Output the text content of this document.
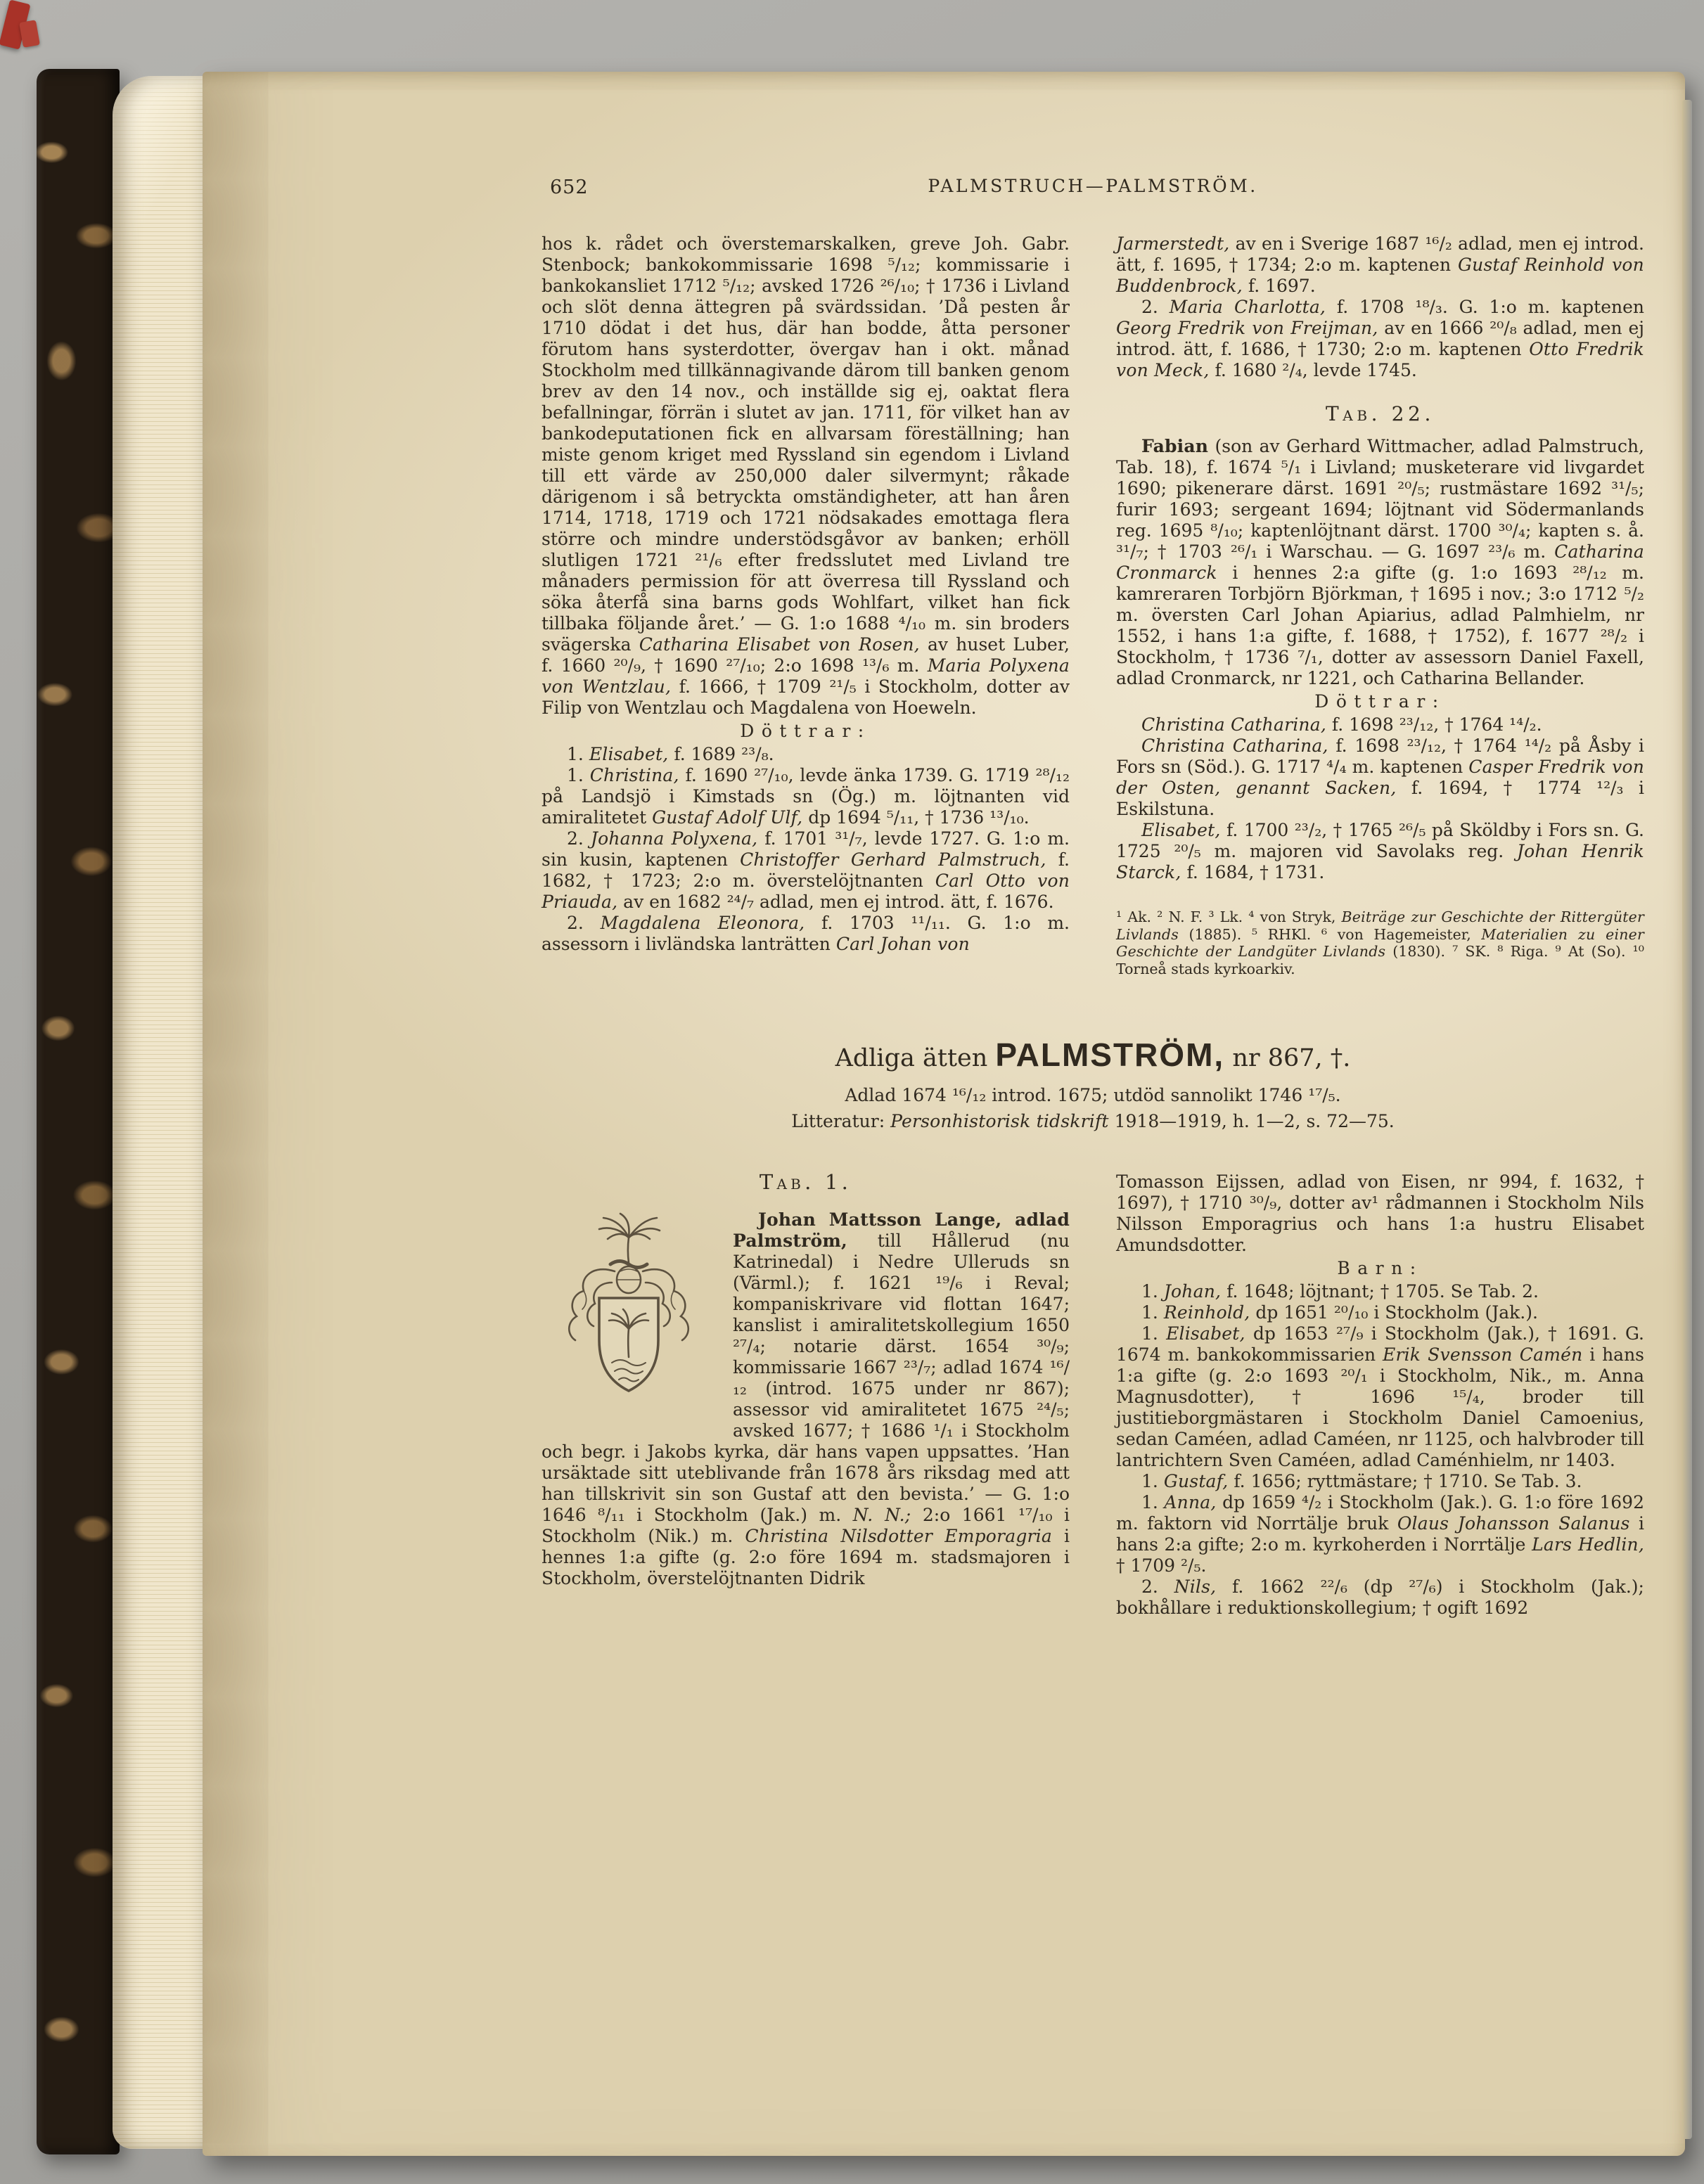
652	PALMSTRUCH—PALMSTRÖM.

hos k. rådet och överstemarskalken, greve Joh. Gabr. Stenbock; bankokommissarie 1698 ⁵/₁₂; kommissarie i bankokansliet 1712 ⁵/₁₂; avsked 1726 ²⁶/₁₀; † 1736 i Livland och slöt denna ättegren på svärdssidan. ’Då pesten år 1710 dödat i det hus, där han bodde, åtta personer förutom hans systerdotter, övergav han i okt. månad Stockholm med tillkännagivande därom till banken genom brev av den 14 nov., och inställde sig ej, oaktat flera befallningar, förrän i slutet av jan. 1711, för vilket han av bankodeputationen fick en allvarsam föreställning; han miste genom kriget med Ryssland sin egendom i Livland till ett värde av 250,000 daler silvermynt; råkade därigenom i så betryckta omständigheter, att han åren 1714, 1718, 1719 och 1721 nödsakades emottaga flera större och mindre understödsgåvor av banken; erhöll slutligen 1721 ²¹/₆ efter fredsslutet med Livland tre månaders permission för att överresa till Ryssland och söka återfå sina barns gods Wohlfart, vilket han fick tillbaka följande året.’ — G. 1:o 1688 ⁴/₁₀ m. sin broders svägerska Catharina Elisabet von Rosen, av huset Luber, f. 1660 ²⁰/₉, † 1690 ²⁷/₁₀; 2:o 1698 ¹³/₆ m. Maria Polyxena von Wentzlau, f. 1666, † 1709 ²¹/₅ i Stockholm, dotter av Filip von Wentzlau och Magdalena von Hoeweln.

Döttrar:

1. Elisabet, f. 1689 ²³/₈.

1. Christina, f. 1690 ²⁷/₁₀, levde änka 1739. G. 1719 ²⁸/₁₂ på Landsjö i Kimstads sn (Ög.) m. löjtnanten vid amiralitetet Gustaf Adolf Ulf, dp 1694 ⁵/₁₁, † 1736 ¹³/₁₀.

2. Johanna Polyxena, f. 1701 ³¹/₇, levde 1727. G. 1:o m. sin kusin, kaptenen Christoffer Gerhard Palmstruch, f. 1682, † 1723; 2:o m. överstelöjtnanten Carl Otto von Priauda, av en 1682 ²⁴/₇ adlad, men ej introd. ätt, f. 1676.

2. Magdalena Eleonora, f. 1703 ¹¹/₁₁. G. 1:o m. assessorn i livländska lanträtten Carl Johan von

Jarmerstedt, av en i Sverige 1687 ¹⁶/₂ adlad, men ej introd. ätt, f. 1695, † 1734; 2:o m. kaptenen Gustaf Reinhold von Buddenbrock, f. 1697.

2. Maria Charlotta, f. 1708 ¹⁸/₃. G. 1:o m. kaptenen Georg Fredrik von Freijman, av en 1666 ²⁰/₈ adlad, men ej introd. ätt, f. 1686, † 1730; 2:o m. kaptenen Otto Fredrik von Meck, f. 1680 ²/₄, levde 1745.

Tab. 22.

Fabian (son av Gerhard Wittmacher, adlad Palmstruch, Tab. 18), f. 1674 ⁵/₁ i Livland; musketerare vid livgardet 1690; pikenerare därst. 1691 ²⁰/₅; rustmästare 1692 ³¹/₅; furir 1693; sergeant 1694; löjtnant vid Södermanlands reg. 1695 ⁸/₁₀; kaptenlöjtnant därst. 1700 ³⁰/₄; kapten s. å. ³¹/₇; † 1703 ²⁶/₁ i Warschau. — G. 1697 ²³/₆ m. Catharina Cronmarck i hennes 2:a gifte (g. 1:o 1693 ²⁸/₁₂ m. kamreraren Torbjörn Björkman, † 1695 i nov.; 3:o 1712 ⁵/₂ m. översten Carl Johan Apiarius, adlad Palmhielm, nr 1552, i hans 1:a gifte, f. 1688, † 1752), f. 1677 ²⁸/₂ i Stockholm, † 1736 ⁷/₁, dotter av assessorn Daniel Faxell, adlad Cronmarck, nr 1221, och Catharina Bellander.

Döttrar:

Christina Catharina, f. 1698 ²³/₁₂, † 1764 ¹⁴/₂.

Christina Catharina, f. 1698 ²³/₁₂, † 1764 ¹⁴/₂ på Åsby i Fors sn (Söd.). G. 1717 ⁴/₄ m. kaptenen Casper Fredrik von der Osten, genannt Sacken, f. 1694, † 1774 ¹²/₃ i Eskilstuna.

Elisabet, f. 1700 ²³/₂, † 1765 ²⁶/₅ på Sköldby i Fors sn. G. 1725 ²⁰/₅ m. majoren vid Savolaks reg. Johan Henrik Starck, f. 1684, † 1731.

¹ Ak. ² N. F. ³ Lk. ⁴ von Stryk, Beiträge zur Geschichte der Rittergüter Livlands (1885). ⁵ RHKl. ⁶ von Hagemeister, Materialien zu einer Geschichte der Landgüter Livlands (1830). ⁷ SK. ⁸ Riga. ⁹ At (So). ¹⁰ Torneå stads kyrkoarkiv.

Adliga ätten PALMSTRÖM, nr 867, †.

Adlad 1674 ¹⁶/₁₂ introd. 1675; utdöd sannolikt 1746 ¹⁷/₅.

Litteratur: Personhistorisk tidskrift 1918—1919, h. 1—2, s. 72—75.

Tab. 1.

Johan Mattsson Lange, adlad Palmström, till Hållerud (nu Katrinedal) i Nedre Ulleruds sn (Värml.); f. 1621 ¹⁹/₆ i Reval; kompaniskrivare vid flottan 1647; kanslist i amiralitetskollegium 1650 ²⁷/₄; notarie därst. 1654 ³⁰/₉; kommissarie 1667 ²³/₇; adlad 1674 ¹⁶/₁₂ (introd. 1675 under nr 867); assessor vid amiralitetet 1675 ²⁴/₅; avsked 1677; † 1686 ¹/₁ i Stockholm och begr. i Jakobs kyrka, där hans vapen uppsattes. ’Han ursäktade sitt uteblivande från 1678 års riksdag med att han tillskrivit sin son Gustaf att den bevista.’ — G. 1:o 1646 ⁸/₁₁ i Stockholm (Jak.) m. N. N.; 2:o 1661 ¹⁷/₁₀ i Stockholm (Nik.) m. Christina Nilsdotter Emporagria i hennes 1:a gifte (g. 2:o före 1694 m. stadsmajoren i Stockholm, överstelöjtnanten Didrik

Tomasson Eijssen, adlad von Eisen, nr 994, f. 1632, † 1697), † 1710 ³⁰/₉, dotter av¹ rådmannen i Stockholm Nils Nilsson Emporagrius och hans 1:a hustru Elisabet Amundsdotter.

Barn:

1. Johan, f. 1648; löjtnant; † 1705. Se Tab. 2.

1. Reinhold, dp 1651 ²⁰/₁₀ i Stockholm (Jak.).

1. Elisabet, dp 1653 ²⁷/₉ i Stockholm (Jak.), † 1691. G. 1674 m. bankokommissarien Erik Svensson Camén i hans 1:a gifte (g. 2:o 1693 ²⁰/₁ i Stockholm, Nik., m. Anna Magnusdotter), † 1696 ¹⁵/₄, broder till justitieborgmästaren i Stockholm Daniel Camoenius, sedan Caméen, adlad Caméen, nr 1125, och halvbroder till lantrichtern Sven Caméen, adlad Caménhielm, nr 1403.

1. Gustaf, f. 1656; ryttmästare; † 1710. Se Tab. 3.

1. Anna, dp 1659 ⁴/₂ i Stockholm (Jak.). G. 1:o före 1692 m. faktorn vid Norrtälje bruk Olaus Johansson Salanus i hans 2:a gifte; 2:o m. kyrkoherden i Norrtälje Lars Hedlin, † 1709 ²/₅.

2. Nils, f. 1662 ²²/₆ (dp ²⁷/₆) i Stockholm (Jak.); bokhållare i reduktionskollegium; † ogift 1692
